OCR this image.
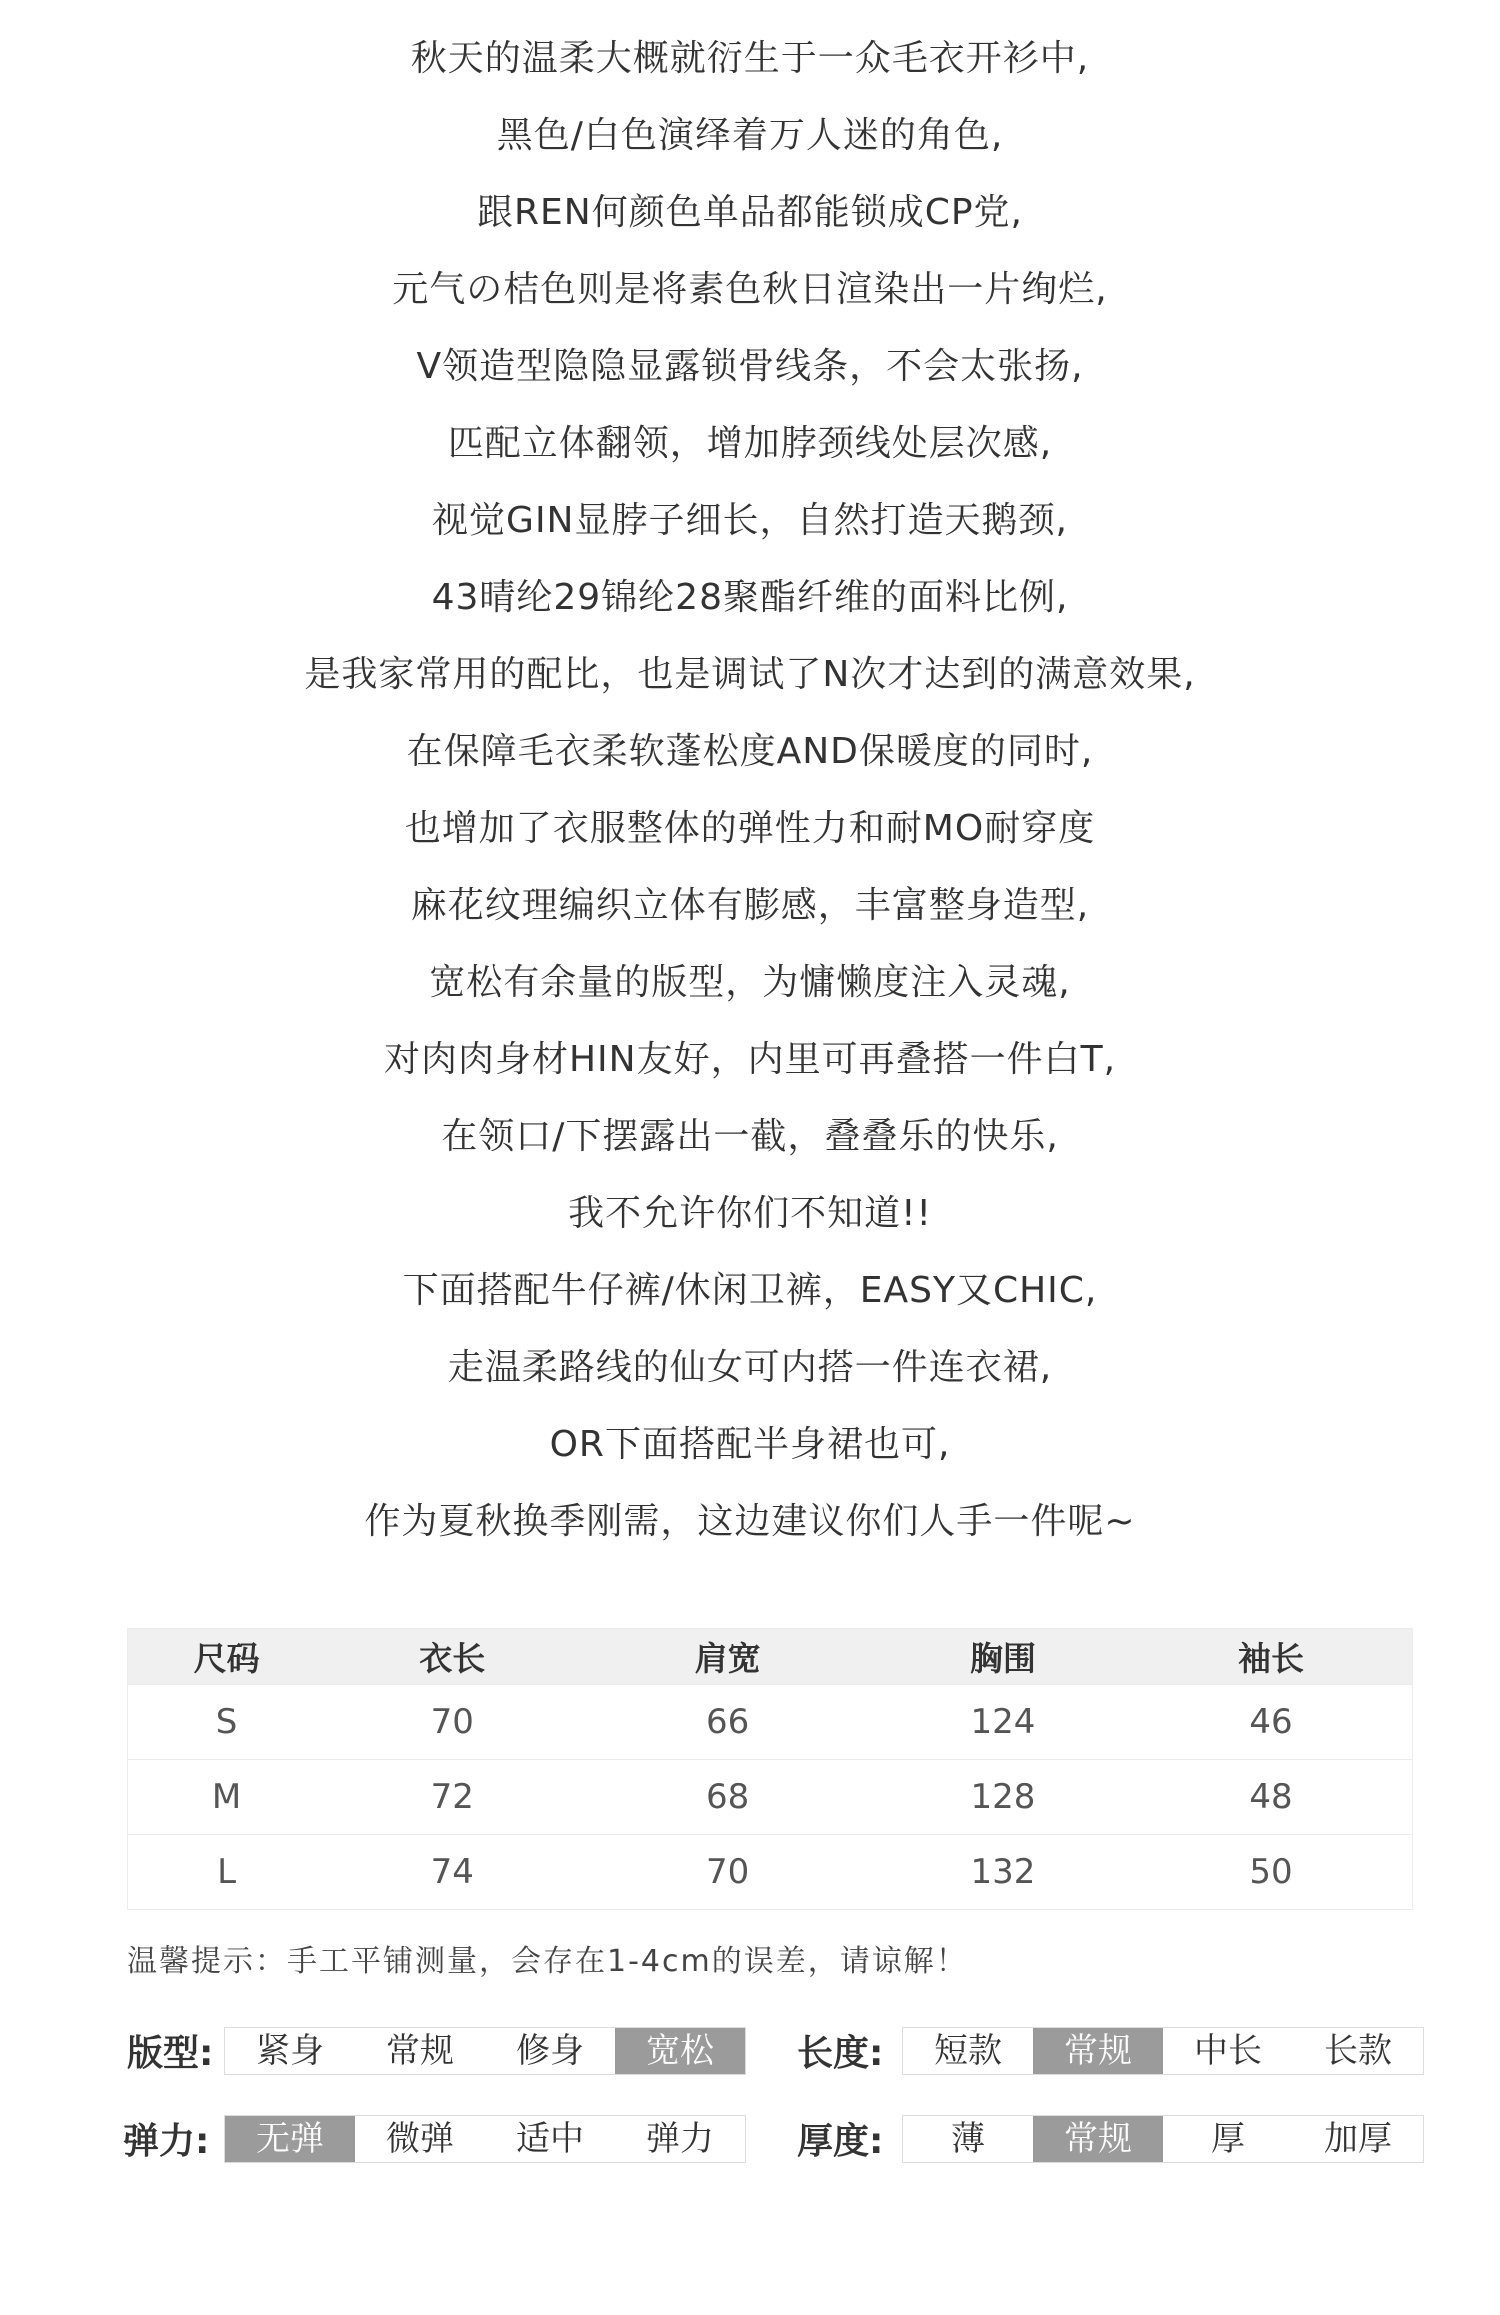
秋天的温柔大概就衍生于一众毛衣开衫中,
黑色/白色演绎着万人迷的角色,
跟REN何颜色单品都能锁成CP党,
元气の桔色则是将素色秋日渲染出一片绚烂,
V领造型隐隐显露锁骨线条，不会太张扬,
匹配立体翻领，增加脖颈线处层次感,
视觉GIN显脖子细长，自然打造天鹅颈,
43晴纶29锦纶28聚酯纤维的面料比例,
是我家常用的配比，也是调试了N次才达到的满意效果,
在保障毛衣柔软蓬松度AND保暖度的同时,
也增加了衣服整体的弹性力和耐MO耐穿度
麻花纹理编织立体有膨感，丰富整身造型,
宽松有余量的版型，为慵懒度注入灵魂,
对肉肉身材HIN友好，内里可再叠搭一件白T,
在领口/下摆露出一截，叠叠乐的快乐,
我不允许你们不知道!!
下面搭配牛仔裤/休闲卫裤，EASY又CHIC,
走温柔路线的仙女可内搭一件连衣裙,
OR下面搭配半身裙也可,
作为夏秋换季刚需，这边建议你们人手一件呢~
尺码	衣长	肩宽	胸围	袖长
S	70	66	124	46
M	72	68	128	48
L	74	70	132	50
温馨提示：手工平铺测量，会存在1-4cm的误差，请谅解！
版型:	紧身	常规	修身	宽松	长度:	短款	常规	中长	长款
弹力:	无弹	微弹	适中	弹力	厚度:	薄	常规	厚	加厚
